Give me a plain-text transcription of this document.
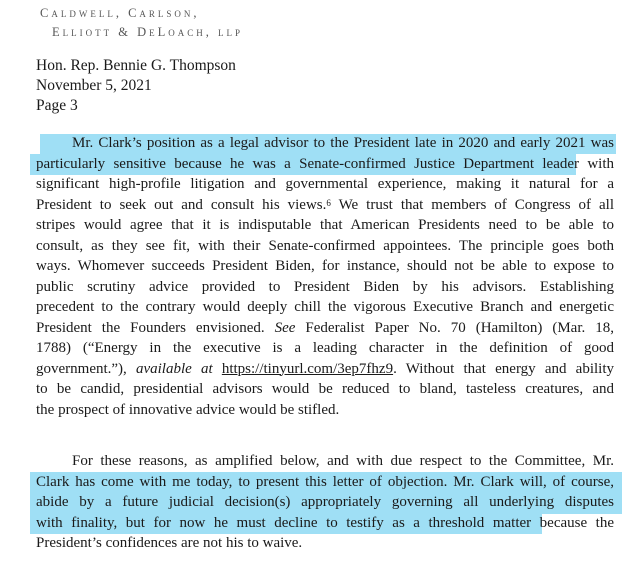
Caldwell, Carlson,
Elliott & DeLoach, llp
Hon. Rep. Bennie G. Thompson
November 5, 2021
Page 3
Mr. Clark’s position as a legal advisor to the President late in 2020 and early 2021 was
particularly sensitive because he was a Senate-confirmed Justice Department leader with
significant high-profile litigation and governmental experience, making it natural for a
President to seek out and consult his views.$^6$ We trust that members of Congress of all
stripes would agree that it is indisputable that American Presidents need to be able to
consult, as they see fit, with their Senate-confirmed appointees. The principle goes both
ways. Whomever succeeds President Biden, for instance, should not be able to expose to
public scrutiny advice provided to President Biden by his advisors. Establishing
precedent to the contrary would deeply chill the vigorous Executive Branch and energetic
President the Founders envisioned. See Federalist Paper No. 70 (Hamilton) (Mar. 18,
1788) (“Energy in the executive is a leading character in the definition of good
government.”), available at https://tinyurl.com/3ep7fhz9. Without that energy and ability
to be candid, presidential advisors would be reduced to bland, tasteless creatures, and
the prospect of innovative advice would be stifled.
For these reasons, as amplified below, and with due respect to the Committee, Mr.
Clark has come with me today, to present this letter of objection. Mr. Clark will, of course,
abide by a future judicial decision(s) appropriately governing all underlying disputes
with finality, but for now he must decline to testify as a threshold matter because the
President’s confidences are not his to waive.
